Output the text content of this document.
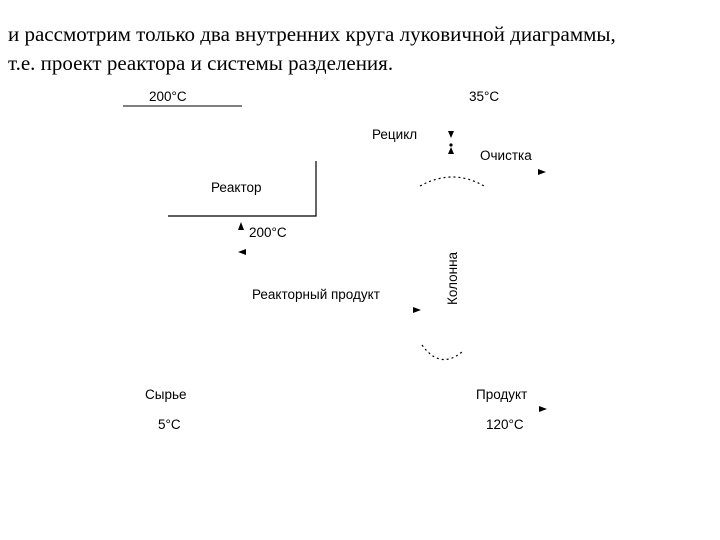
и рассмотрим только два внутренних круга луковичной диаграммы,
т.е. проект реактора и системы разделения.

200°C	35°C
Рецикл
Очистка
Реактор
200°C
Колонна
Реакторный продукт
Сырье
5°C
Продукт
120°C
